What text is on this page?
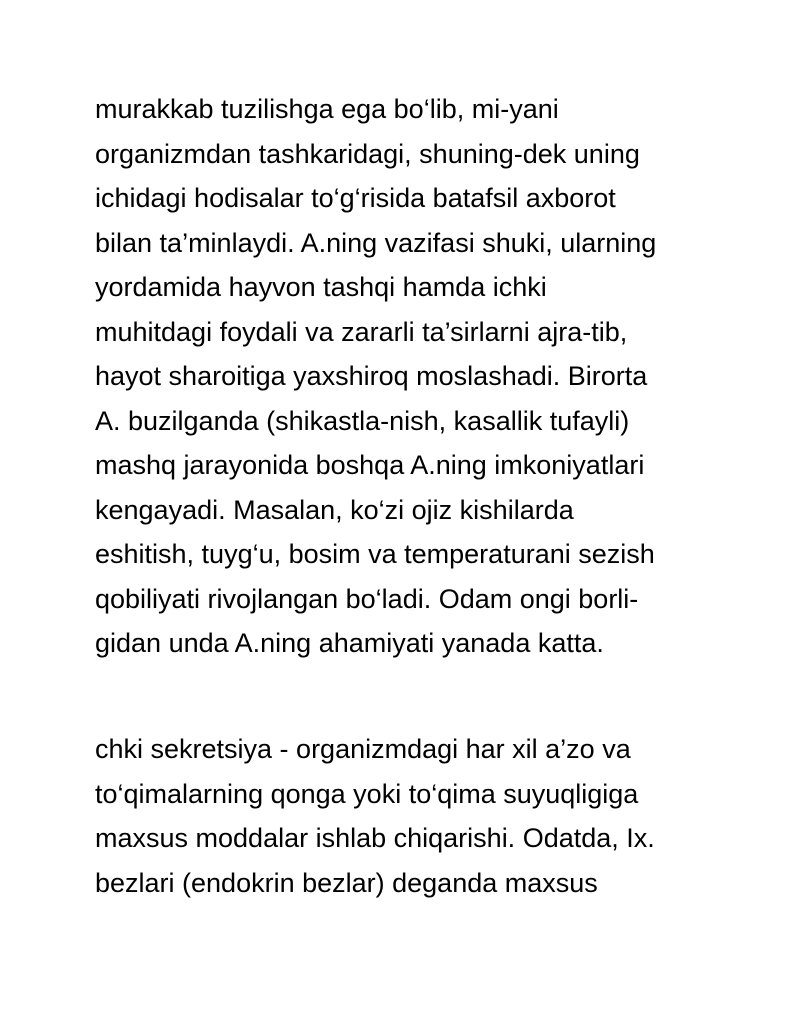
murakkab tuzilishga ega bo‘lib, mi-yani
organizmdan tashkaridagi, shuning-dek uning
ichidagi hodisalar to‘g‘risida batafsil axborot
bilan ta’minlaydi. A.ning vazifasi shuki, ularning
yordamida hayvon tashqi hamda ichki
muhitdagi foydali va zararli ta’sirlarni ajra-tib,
hayot sharoitiga yaxshiroq moslashadi. Birorta
A. buzilganda (shikastla-nish, kasallik tufayli)
mashq jarayonida boshqa A.ning imkoniyatlari
kengayadi. Masalan, ko‘zi ojiz kishilarda
eshitish, tuyg‘u, bosim va temperaturani sezish
qobiliyati rivojlangan bo‘ladi. Odam ongi borli-
gidan unda A.ning ahamiyati yanada katta.
chki sekretsiya - organizmdagi har xil a’zo va
to‘qimalarning qonga yoki to‘qima suyuqligiga
maxsus moddalar ishlab chiqarishi. Odatda, Ix.
bezlari (endokrin bezlar) deganda maxsus
